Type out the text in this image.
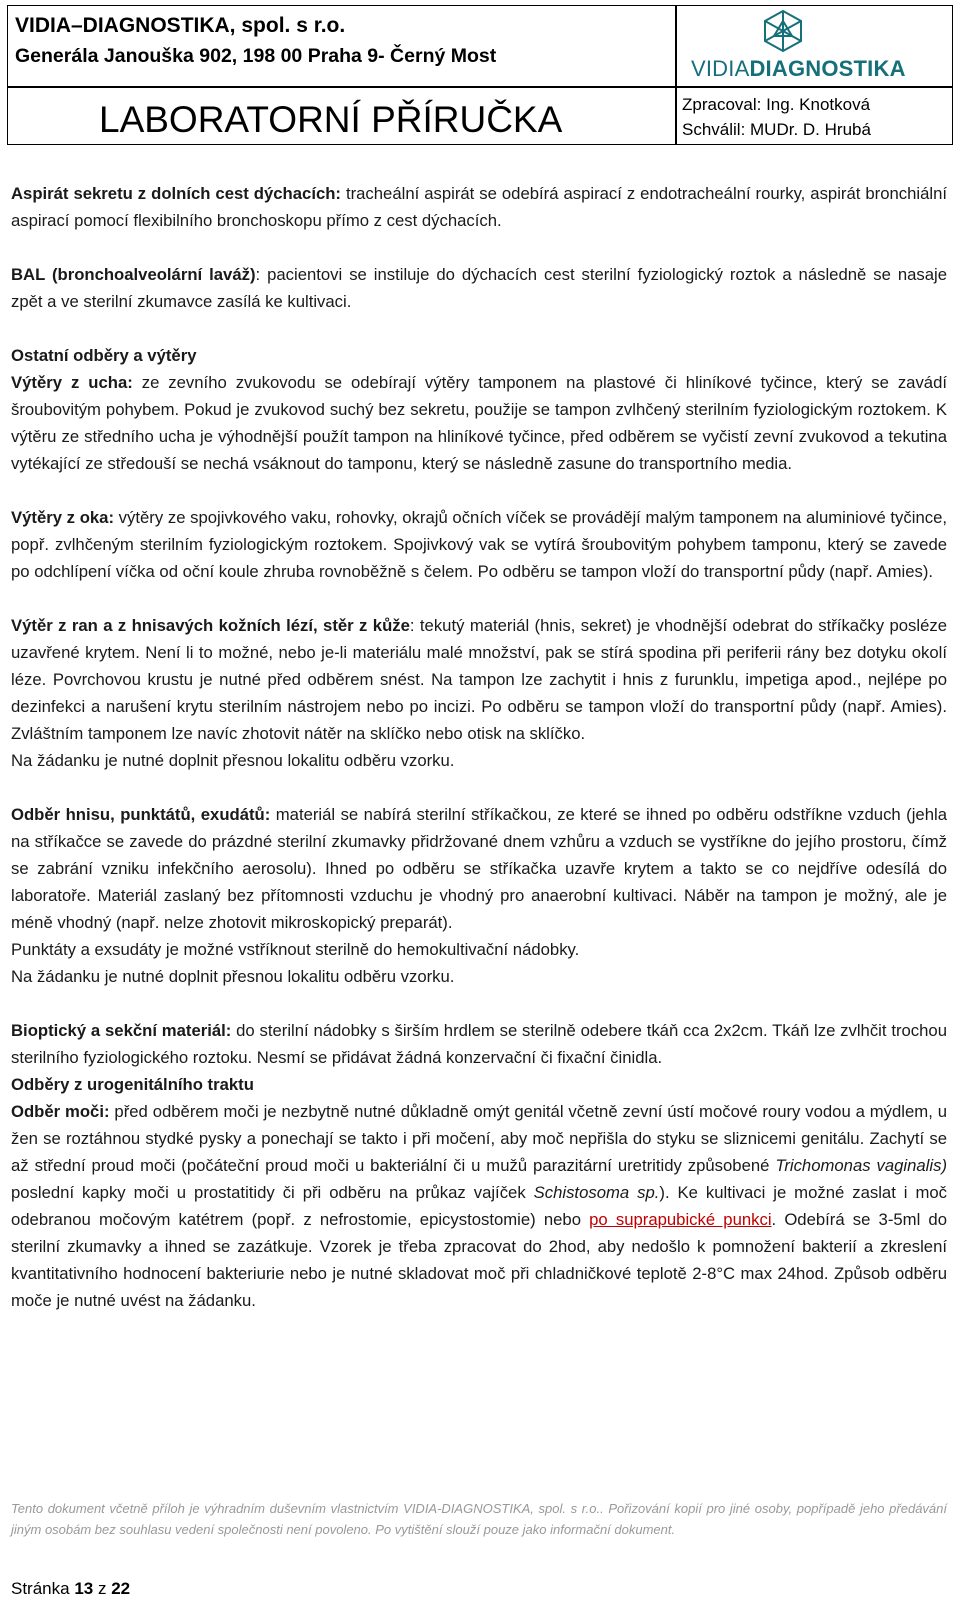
VIDIA–DIAGNOSTIKA, spol. s r.o.
Generála Janouška 902, 198 00 Praha 9- Černý Most
LABORATORNÍ PŘÍRUČKA
VIDIADIAGNOSTIKA
Zpracoval: Ing. Knotková
Schválil: MUDr. D. Hrubá

Aspirát sekretu z dolních cest dýchacích: tracheální aspirát se odebírá aspirací z endotracheální rourky, aspirát bronchiální aspirací pomocí flexibilního bronchoskopu přímo z cest dýchacích.

BAL (bronchoalveolární laváž): pacientovi se instiluje do dýchacích cest sterilní fyziologický roztok a následně se nasaje zpět a ve sterilní zkumavce zasílá ke kultivaci.

Ostatní odběry a výtěry

Výtěry z ucha: ze zevního zvukovodu se odebírají výtěry tamponem na plastové či hliníkové tyčince, který se zavádí šroubovitým pohybem. Pokud je zvukovod suchý bez sekretu, použije se tampon zvlhčený sterilním fyziologickým roztokem. K výtěru ze středního ucha je výhodnější použít tampon na hliníkové tyčince, před odběrem se vyčistí zevní zvukovod a tekutina vytékající ze středouší se nechá vsáknout do tamponu, který se následně zasune do transportního media.

Výtěry z oka: výtěry ze spojivkového vaku, rohovky, okrajů očních víček se provádějí malým tamponem na aluminiové tyčince, popř. zvlhčeným sterilním fyziologickým roztokem. Spojivkový vak se vytírá šroubovitým pohybem tamponu, který se zavede po odchlípení víčka od oční koule zhruba rovnoběžně s čelem. Po odběru se tampon vloží do transportní půdy (např. Amies).

Výtěr z ran a z hnisavých kožních lézí, stěr z kůže: tekutý materiál (hnis, sekret) je vhodnější odebrat do stříkačky posléze uzavřené krytem. Není li to možné, nebo je-li materiálu malé množství, pak se stírá spodina při periferii rány bez dotyku okolí léze. Povrchovou krustu je nutné před odběrem snést. Na tampon lze zachytit i hnis z furunklu, impetiga apod., nejlépe po dezinfekci a narušení krytu sterilním nástrojem nebo po incizi. Po odběru se tampon vloží do transportní půdy (např. Amies). Zvláštním tamponem lze navíc zhotovit nátěr na sklíčko nebo otisk na sklíčko.

Na žádanku je nutné doplnit přesnou lokalitu odběru vzorku.

Odběr hnisu, punktátů, exudátů: materiál se nabírá sterilní stříkačkou, ze které se ihned po odběru odstříkne vzduch (jehla na stříkačce se zavede do prázdné sterilní zkumavky přidržované dnem vzhůru a vzduch se vystříkne do jejího prostoru, čímž se zabrání vzniku infekčního aerosolu). Ihned po odběru se stříkačka uzavře krytem a takto se co nejdříve odesílá do laboratoře. Materiál zaslaný bez přítomnosti vzduchu je vhodný pro anaerobní kultivaci. Náběr na tampon je možný, ale je méně vhodný (např. nelze zhotovit mikroskopický preparát).

Punktáty a exsudáty je možné vstříknout sterilně do hemokultivační nádobky.

Na žádanku je nutné doplnit přesnou lokalitu odběru vzorku.

Bioptický a sekční materiál: do sterilní nádobky s širším hrdlem se sterilně odebere tkáň cca 2x2cm. Tkáň lze zvlhčit trochou sterilního fyziologického roztoku. Nesmí se přidávat žádná konzervační či fixační činidla.

Odběry z urogenitálního traktu

Odběr moči: před odběrem moči je nezbytně nutné důkladně omýt genitál včetně zevní ústí močové roury vodou a mýdlem, u žen se roztáhnou stydké pysky a ponechají se takto i při močení, aby moč nepřišla do styku se sliznicemi genitálu. Zachytí se až střední proud moči (počáteční proud moči u bakteriální či u mužů parazitární uretritidy způsobené Trichomonas vaginalis) poslední kapky moči u prostatitidy či při odběru na průkaz vajíček Schistosoma sp.). Ke kultivaci je možné zaslat i moč odebranou močovým katétrem (popř. z nefrostomie, epicystostomie) nebo po suprapubické punkci. Odebírá se 3-5ml do sterilní zkumavky a ihned se zazátkuje. Vzorek je třeba zpracovat do 2hod, aby nedošlo k pomnožení bakterií a zkreslení kvantitativního hodnocení bakteriurie nebo je nutné skladovat moč při chladničkové teplotě 2-8°C max 24hod. Způsob odběru moče je nutné uvést na žádanku.

Tento dokument včetně příloh je výhradním duševním vlastnictvím VIDIA-DIAGNOSTIKA, spol. s r.o.. Pořizování kopií pro jiné osoby, popřípadě jeho předávání jiným osobám bez souhlasu vedení společnosti není povoleno. Po vytištění slouží pouze jako informační dokument.
Stránka 13 z 22
